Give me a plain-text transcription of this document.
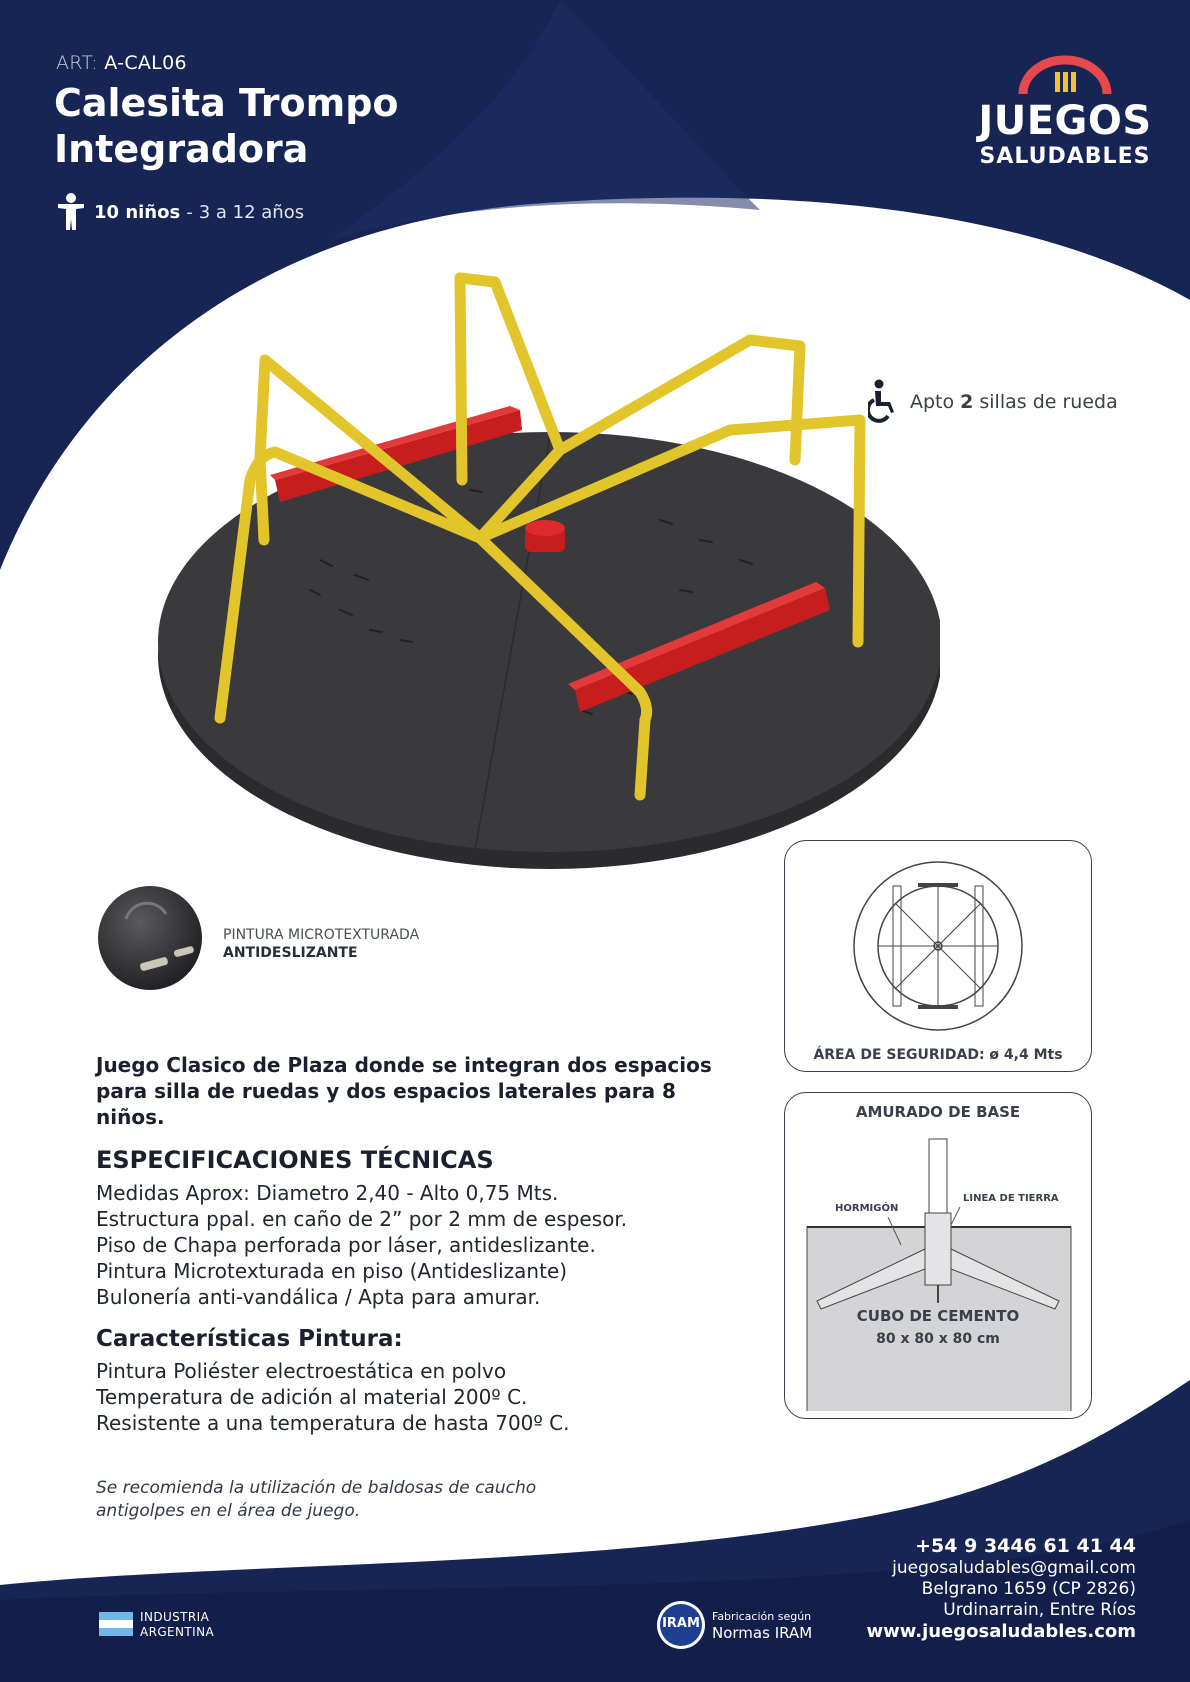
ART: A-CAL06
Calesita Trompo
Integradora
10 niños - 3 a 12 años
JUEGOS
SALUDABLES
Apto 2 sillas de rueda
PINTURA MICROTEXTURADA
ANTIDESLIZANTE
Juego Clasico de Plaza donde se integran dos espacios para silla de ruedas y dos espacios laterales para 8 niños.
ESPECIFICACIONES TÉCNICAS
Medidas Aprox: Diametro 2,40 - Alto 0,75 Mts.
Estructura ppal. en caño de 2” por 2 mm de espesor.
Piso de Chapa perforada por láser, antideslizante.
Pintura Microtexturada en piso (Antideslizante)
Bulonería anti-vandálica / Apta para amurar.
Características Pintura:
Pintura Poliéster electroestática en polvo
Temperatura de adición al material 200º C.
Resistente a una temperatura de hasta 700º C.
Se recomienda la utilización de baldosas de caucho antigolpes en el área de juego.
ÁREA DE SEGURIDAD: ø 4,4 Mts
AMURADO DE BASE
HORMIGÓN
LINEA DE TIERRA
CUBO DE CEMENTO
80 x 80 x 80 cm
+54 9 3446 61 41 44
juegosaludables@gmail.com
Belgrano 1659 (CP 2826)
Urdinarrain, Entre Ríos
www.juegosaludables.com
INDUSTRIA
ARGENTINA
IRAM	Fabricación según
Normas IRAM
